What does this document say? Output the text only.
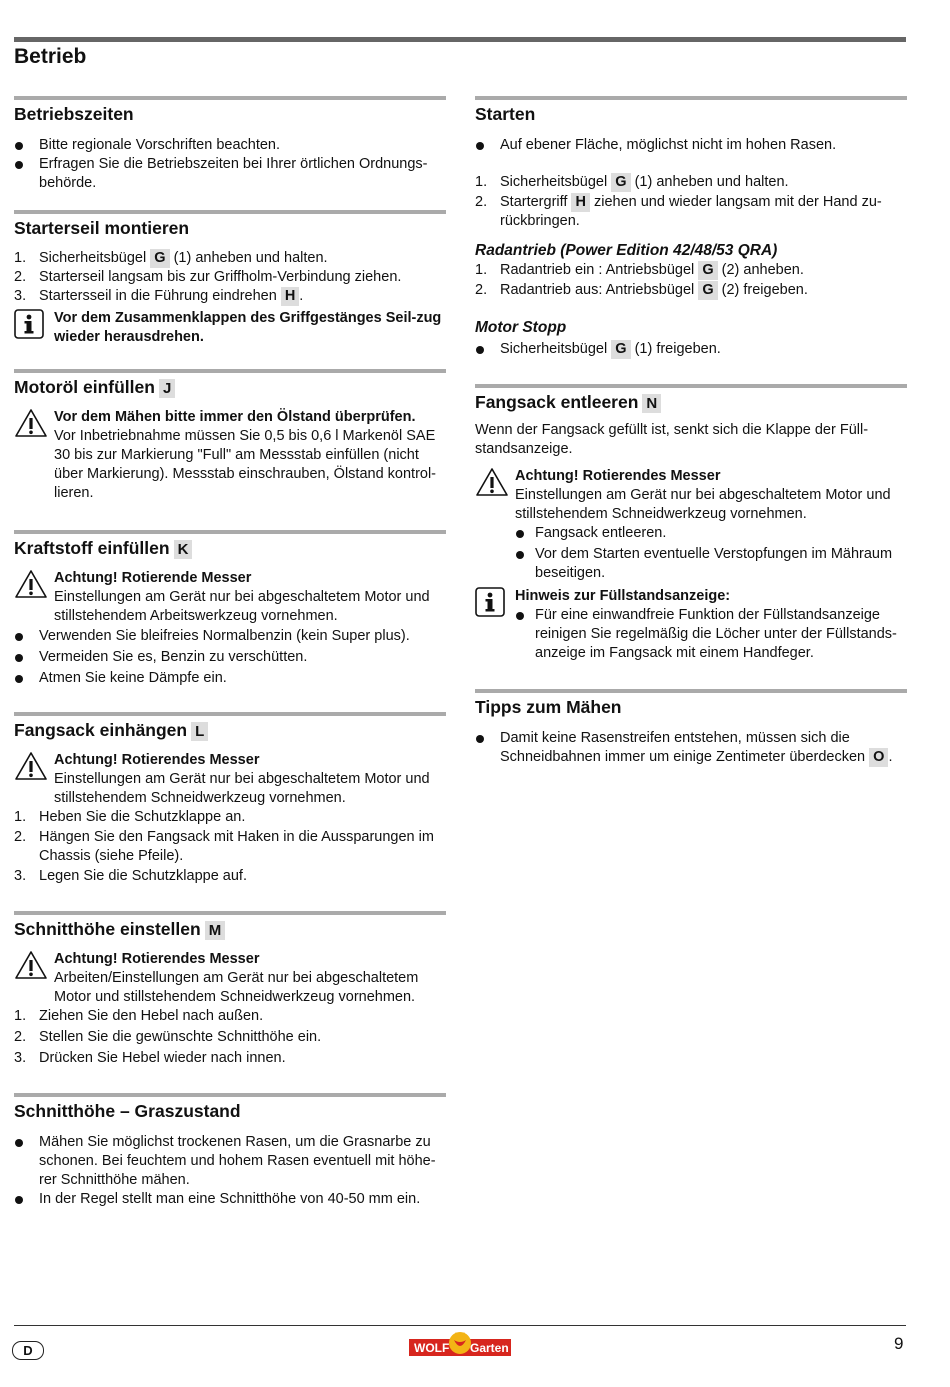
Betrieb
Betriebszeiten
Bitte regionale Vorschriften beachten.
Erfragen Sie die Betriebszeiten bei Ihrer örtlichen Ordnungs-behörde.
Starterseil montieren
1. Sicherheitsbügel G (1) anheben und halten.
2. Starterseil langsam bis zur Griffholm-Verbindung ziehen.
3. Startersseil in die Führung eindrehen H .
Vor dem Zusammenklappen des Griffgestänges Seil-zug wieder herausdrehen.
Motoröl einfüllen J
Vor dem Mähen bitte immer den Ölstand überprüfen.
Vor Inbetriebnahme müssen Sie 0,5 bis 0,6 l Markenöl SAE 30 bis zur Markierung "Full" am Messstab einfüllen (nicht über Markierung). Messstab einschrauben, Ölstand kontrol-lieren.
Kraftstoff einfüllen K
Achtung! Rotierende Messer
Einstellungen am Gerät nur bei abgeschaltetem Motor und stillstehendem Arbeitswerkzeug vornehmen.
Verwenden Sie bleifreies Normalbenzin (kein Super plus).
Vermeiden Sie es, Benzin zu verschütten.
Atmen Sie keine Dämpfe ein.
Fangsack einhängen L
Achtung! Rotierendes Messer
Einstellungen am Gerät nur bei abgeschaltetem Motor und stillstehendem Schneidwerkzeug vornehmen.
1. Heben Sie die Schutzklappe an.
2. Hängen Sie den Fangsack mit Haken in die Aussparungen im Chassis (siehe Pfeile).
3. Legen Sie die Schutzklappe auf.
Schnitthöhe einstellen M
Achtung! Rotierendes Messer
Arbeiten/Einstellungen am Gerät nur bei abgeschaltetem Motor und stillstehendem Schneidwerkzeug vornehmen.
1. Ziehen Sie den Hebel nach außen.
2. Stellen Sie die gewünschte Schnitthöhe ein.
3. Drücken Sie Hebel wieder nach innen.
Schnitthöhe – Graszustand
Mähen Sie möglichst trockenen Rasen, um die Grasnarbe zu schonen. Bei feuchtem und hohem Rasen eventuell mit höhe-rer Schnitthöhe mähen.
In der Regel stellt man eine Schnitthöhe von 40-50 mm ein.
Starten
Auf ebener Fläche, möglichst nicht im hohen Rasen.
1. Sicherheitsbügel G (1) anheben und halten.
2. Startergriff H ziehen und wieder langsam mit der Hand zu-rückbringen.
Radantrieb (Power Edition 42/48/53 QRA)
1. Radantrieb ein : Antriebsbügel G (2) anheben.
2. Radantrieb aus: Antriebsbügel G (2) freigeben.
Motor Stopp
Sicherheitsbügel G (1) freigeben.
Fangsack entleeren N
Wenn der Fangsack gefüllt ist, senkt sich die Klappe der Füll-standsanzeige.
Achtung! Rotierendes Messer
Einstellungen am Gerät nur bei abgeschaltetem Motor und stillstehendem Schneidwerkzeug vornehmen.
Fangsack entleeren.
Vor dem Starten eventuelle Verstopfungen im Mähraum beseitigen.
Hinweis zur Füllstandsanzeige:
Für eine einwandfreie Funktion der Füllstandsanzeige reinigen Sie regelmäßig die Löcher unter der Füllstands-anzeige im Fangsack mit einem Handfeger.
Tipps zum Mähen
Damit keine Rasenstreifen entstehen, müssen sich die Schneidbahnen immer um einige Zentimeter überdecken O .
D	WOLF Garten	9
